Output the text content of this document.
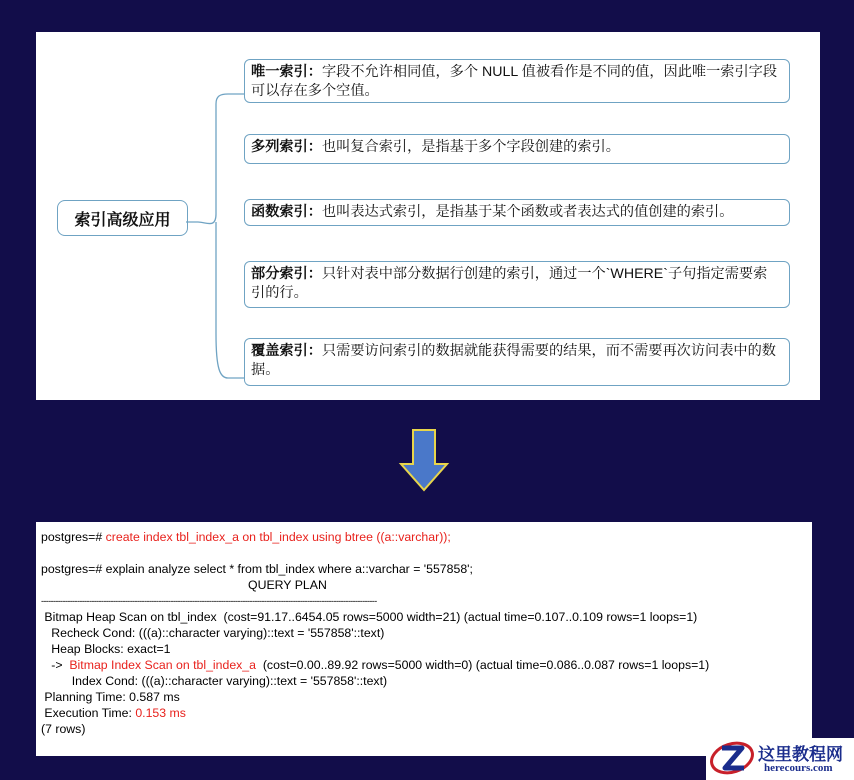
索引高级应用
唯一索引：字段不允许相同值，多个 NULL 值被看作是不同的值，因此唯一索引字段可以存在多个空值。
多列索引：也叫复合索引，是指基于多个字段创建的索引。
函数索引：也叫表达式索引，是指基于某个函数或者表达式的值创建的索引。
部分索引：只针对表中部分数据行创建的索引，通过一个`WHERE`子句指定需要索引的行。
覆盖索引：只需要访问索引的数据就能获得需要的结果，而不需要再次访问表中的数据。
postgres=# create index tbl_index_a on tbl_index using btree ((a::varchar));
postgres=# explain analyze select * from tbl_index where a::varchar = '557858';
QUERY PLAN
--------------------------------------------------------------------------------------------------------------------------------------------
Bitmap Heap Scan on tbl_index  (cost=91.17..6454.05 rows=5000 width=21) (actual time=0.107..0.109 rows=1 loops=1)
Recheck Cond: (((a)::character varying)::text = '557858'::text)
Heap Blocks: exact=1
->  Bitmap Index Scan on tbl_index_a  (cost=0.00..89.92 rows=5000 width=0) (actual time=0.086..0.087 rows=1 loops=1)
Index Cond: (((a)::character varying)::text = '557858'::text)
Planning Time: 0.587 ms
Execution Time: 0.153 ms
(7 rows)
这里教程网
herecours.com
